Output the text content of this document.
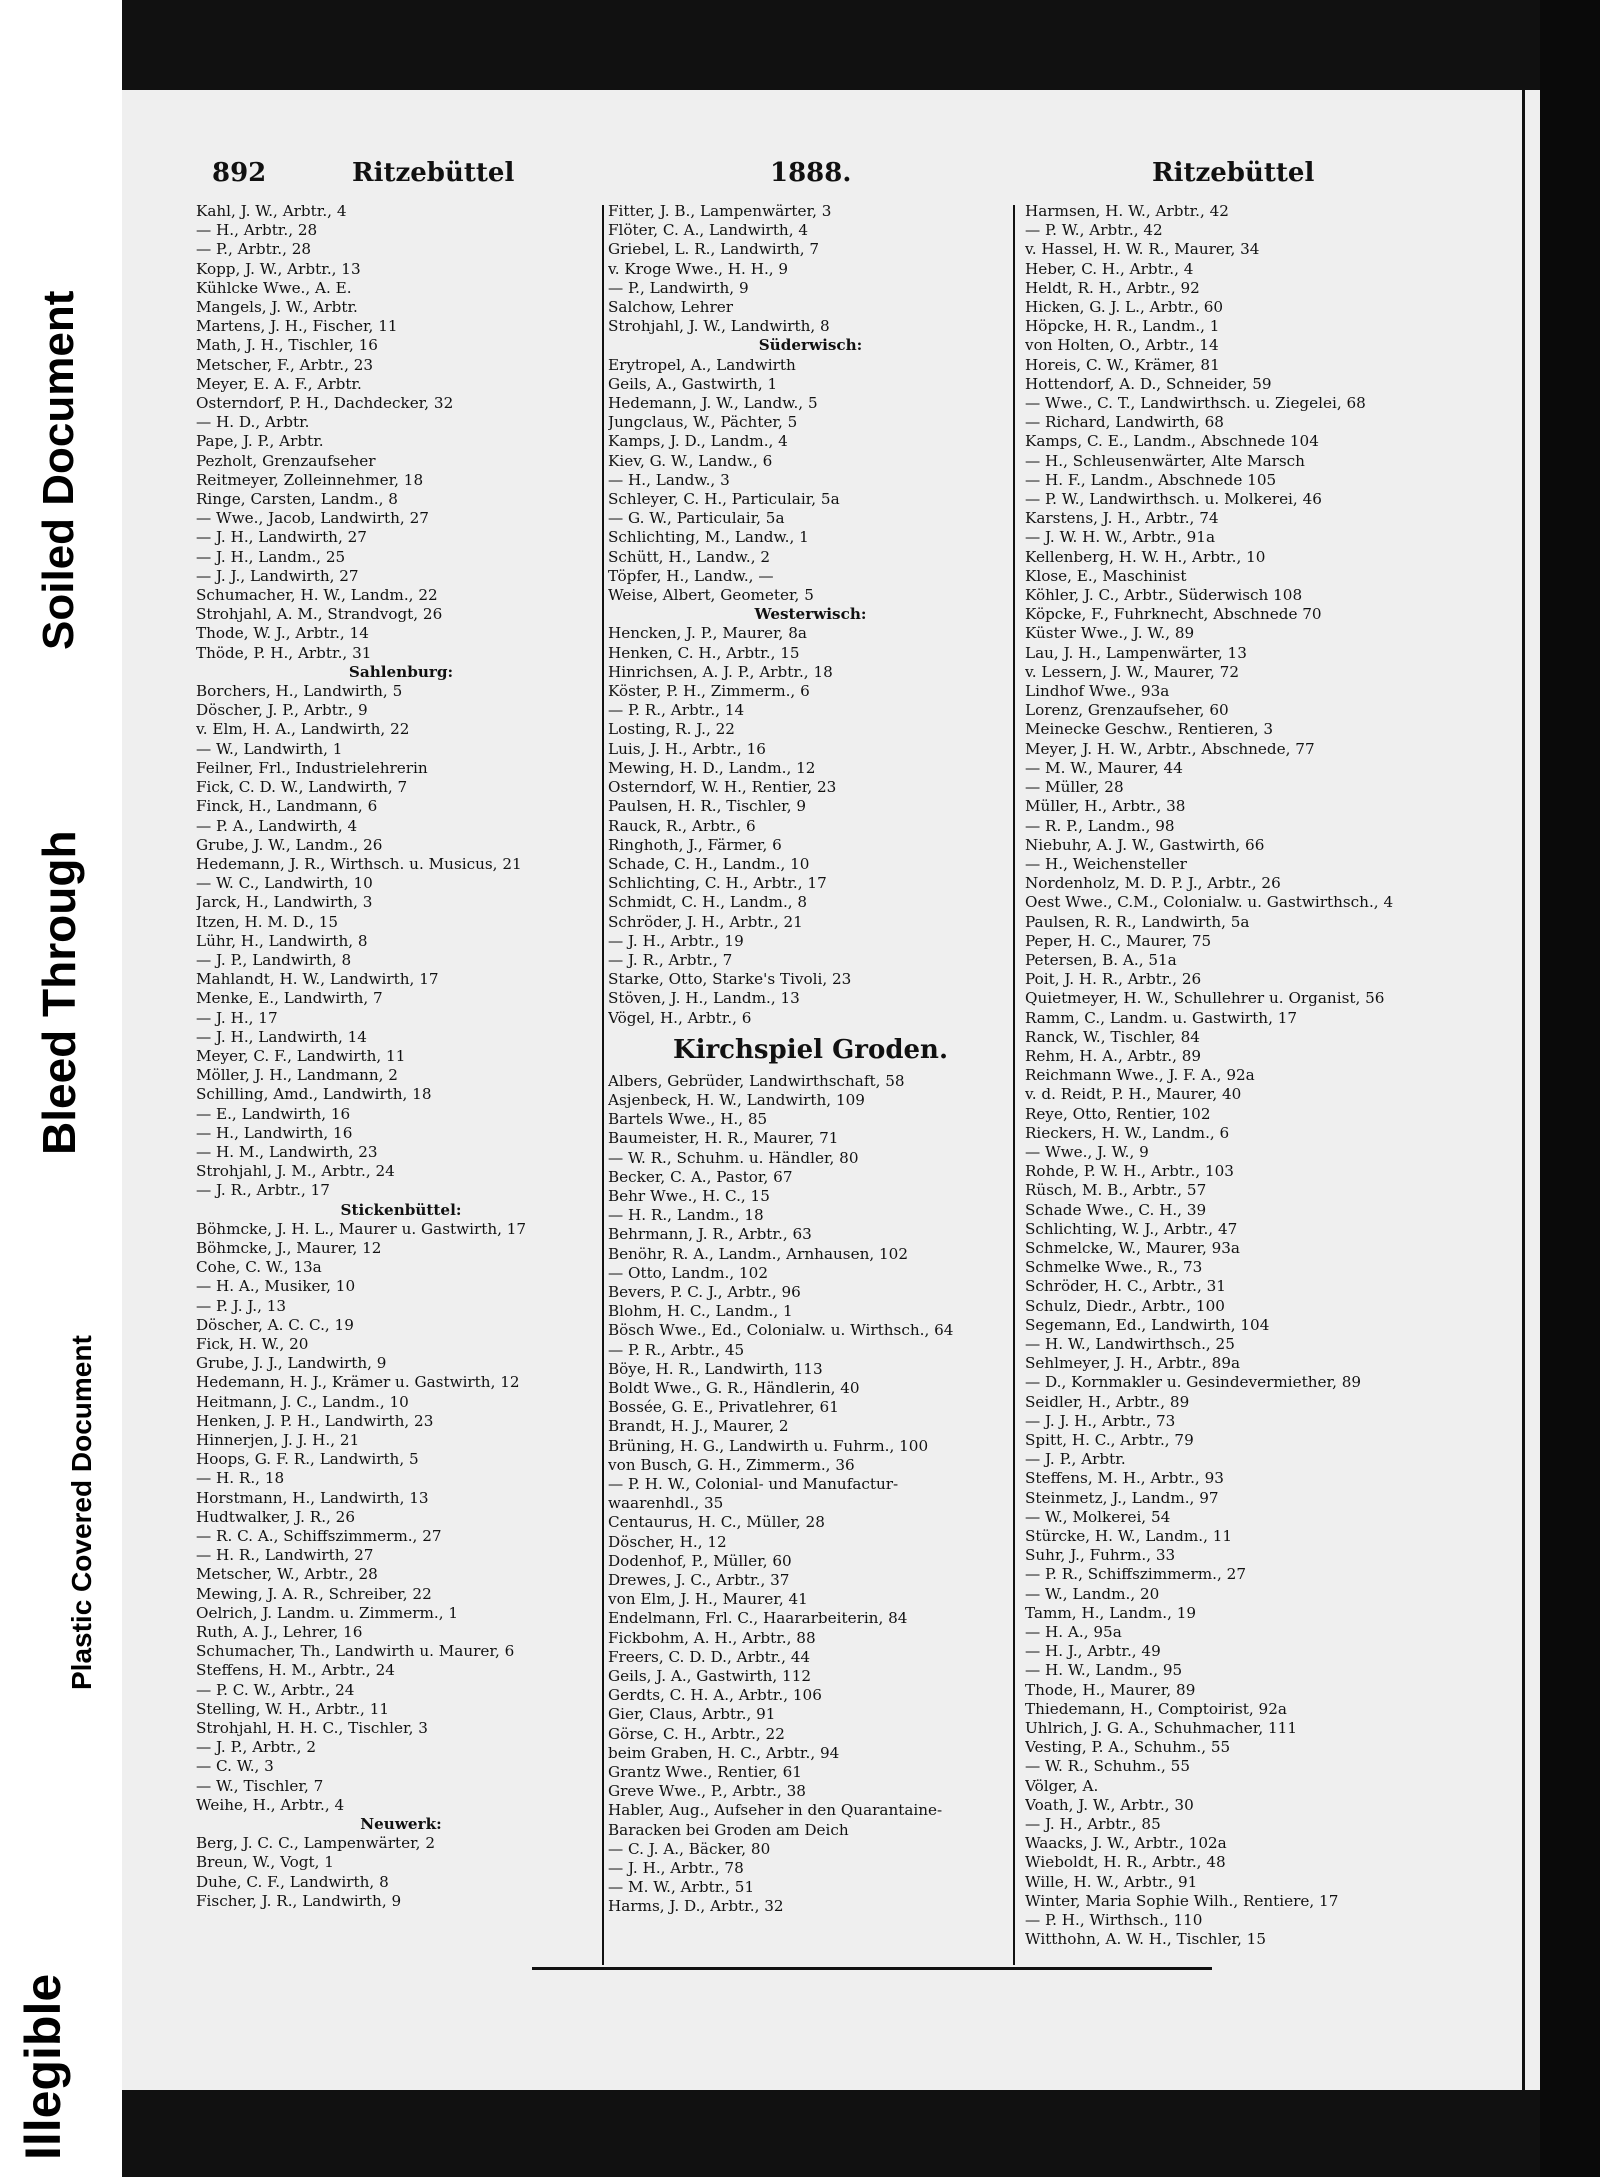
Illegible
Plastic Covered Document
Bleed Through
Soiled Document
892	Ritzebüttel	1888.	Ritzebüttel
Kahl, J. W., Arbtr., 4
— H., Arbtr., 28
— P., Arbtr., 28
Kopp, J. W., Arbtr., 13
Kühlcke Wwe., A. E.
Mangels, J. W., Arbtr.
Martens, J. H., Fischer, 11
Math, J. H., Tischler, 16
Metscher, F., Arbtr., 23
Meyer, E. A. F., Arbtr.
Osterndorf, P. H., Dachdecker, 32
— H. D., Arbtr.
Pape, J. P., Arbtr.
Pezholt, Grenzaufseher
Reitmeyer, Zolleinnehmer, 18
Ringe, Carsten, Landm., 8
— Wwe., Jacob, Landwirth, 27
— J. H., Landwirth, 27
— J. H., Landm., 25
— J. J., Landwirth, 27
Schumacher, H. W., Landm., 22
Strohjahl, A. M., Strandvogt, 26
Thode, W. J., Arbtr., 14
Thöde, P. H., Arbtr., 31
Sahlenburg:
Borchers, H., Landwirth, 5
Döscher, J. P., Arbtr., 9
v. Elm, H. A., Landwirth, 22
— W., Landwirth, 1
Feilner, Frl., Industrielehrerin
Fick, C. D. W., Landwirth, 7
Finck, H., Landmann, 6
— P. A., Landwirth, 4
Grube, J. W., Landm., 26
Hedemann, J. R., Wirthsch. u. Musicus, 21
— W. C., Landwirth, 10
Jarck, H., Landwirth, 3
Itzen, H. M. D., 15
Lühr, H., Landwirth, 8
— J. P., Landwirth, 8
Mahlandt, H. W., Landwirth, 17
Menke, E., Landwirth, 7
— J. H., 17
— J. H., Landwirth, 14
Meyer, C. F., Landwirth, 11
Möller, J. H., Landmann, 2
Schilling, Amd., Landwirth, 18
— E., Landwirth, 16
— H., Landwirth, 16
— H. M., Landwirth, 23
Strohjahl, J. M., Arbtr., 24
— J. R., Arbtr., 17
Stickenbüttel:
Böhmcke, J. H. L., Maurer u. Gastwirth, 17
Böhmcke, J., Maurer, 12
Cohe, C. W., 13a
— H. A., Musiker, 10
— P. J. J., 13
Döscher, A. C. C., 19
Fick, H. W., 20
Grube, J. J., Landwirth, 9
Hedemann, H. J., Krämer u. Gastwirth, 12
Heitmann, J. C., Landm., 10
Henken, J. P. H., Landwirth, 23
Hinnerjen, J. J. H., 21
Hoops, G. F. R., Landwirth, 5
— H. R., 18
Horstmann, H., Landwirth, 13
Hudtwalker, J. R., 26
— R. C. A., Schiffszimmerm., 27
— H. R., Landwirth, 27
Metscher, W., Arbtr., 28
Mewing, J. A. R., Schreiber, 22
Oelrich, J. Landm. u. Zimmerm., 1
Ruth, A. J., Lehrer, 16
Schumacher, Th., Landwirth u. Maurer, 6
Steffens, H. M., Arbtr., 24
— P. C. W., Arbtr., 24
Stelling, W. H., Arbtr., 11
Strohjahl, H. H. C., Tischler, 3
— J. P., Arbtr., 2
— C. W., 3
— W., Tischler, 7
Weihe, H., Arbtr., 4
Neuwerk:
Berg, J. C. C., Lampenwärter, 2
Breun, W., Vogt, 1
Duhe, C. F., Landwirth, 8
Fischer, J. R., Landwirth, 9
Fitter, J. B., Lampenwärter, 3
Flöter, C. A., Landwirth, 4
Griebel, L. R., Landwirth, 7
v. Kroge Wwe., H. H., 9
— P., Landwirth, 9
Salchow, Lehrer
Strohjahl, J. W., Landwirth, 8
Süderwisch:
Erytropel, A., Landwirth
Geils, A., Gastwirth, 1
Hedemann, J. W., Landw., 5
Jungclaus, W., Pächter, 5
Kamps, J. D., Landm., 4
Kiev, G. W., Landw., 6
— H., Landw., 3
Schleyer, C. H., Particulair, 5a
— G. W., Particulair, 5a
Schlichting, M., Landw., 1
Schütt, H., Landw., 2
Töpfer, H., Landw., —
Weise, Albert, Geometer, 5
Westerwisch:
Hencken, J. P., Maurer, 8a
Henken, C. H., Arbtr., 15
Hinrichsen, A. J. P., Arbtr., 18
Köster, P. H., Zimmerm., 6
— P. R., Arbtr., 14
Losting, R. J., 22
Luis, J. H., Arbtr., 16
Mewing, H. D., Landm., 12
Osterndorf, W. H., Rentier, 23
Paulsen, H. R., Tischler, 9
Rauck, R., Arbtr., 6
Ringhoth, J., Färmer, 6
Schade, C. H., Landm., 10
Schlichting, C. H., Arbtr., 17
Schmidt, C. H., Landm., 8
Schröder, J. H., Arbtr., 21
— J. H., Arbtr., 19
— J. R., Arbtr., 7
Starke, Otto, Starke's Tivoli, 23
Stöven, J. H., Landm., 13
Vögel, H., Arbtr., 6
Kirchspiel Groden.
Albers, Gebrüder, Landwirthschaft, 58
Asjenbeck, H. W., Landwirth, 109
Bartels Wwe., H., 85
Baumeister, H. R., Maurer, 71
— W. R., Schuhm. u. Händler, 80
Becker, C. A., Pastor, 67
Behr Wwe., H. C., 15
— H. R., Landm., 18
Behrmann, J. R., Arbtr., 63
Benöhr, R. A., Landm., Arnhausen, 102
— Otto, Landm., 102
Bevers, P. C. J., Arbtr., 96
Blohm, H. C., Landm., 1
Bösch Wwe., Ed., Colonialw. u. Wirthsch., 64
— P. R., Arbtr., 45
Böye, H. R., Landwirth, 113
Boldt Wwe., G. R., Händlerin, 40
Bossée, G. E., Privatlehrer, 61
Brandt, H. J., Maurer, 2
Brüning, H. G., Landwirth u. Fuhrm., 100
von Busch, G. H., Zimmerm., 36
— P. H. W., Colonial- und Manufactur-
waarenhdl., 35
Centaurus, H. C., Müller, 28
Döscher, H., 12
Dodenhof, P., Müller, 60
Drewes, J. C., Arbtr., 37
von Elm, J. H., Maurer, 41
Endelmann, Frl. C., Haararbeiterin, 84
Fickbohm, A. H., Arbtr., 88
Freers, C. D. D., Arbtr., 44
Geils, J. A., Gastwirth, 112
Gerdts, C. H. A., Arbtr., 106
Gier, Claus, Arbtr., 91
Görse, C. H., Arbtr., 22
beim Graben, H. C., Arbtr., 94
Grantz Wwe., Rentier, 61
Greve Wwe., P., Arbtr., 38
Habler, Aug., Aufseher in den Quarantaine-
Baracken bei Groden am Deich
— C. J. A., Bäcker, 80
— J. H., Arbtr., 78
— M. W., Arbtr., 51
Harms, J. D., Arbtr., 32
Harmsen, H. W., Arbtr., 42
— P. W., Arbtr., 42
v. Hassel, H. W. R., Maurer, 34
Heber, C. H., Arbtr., 4
Heldt, R. H., Arbtr., 92
Hicken, G. J. L., Arbtr., 60
Höpcke, H. R., Landm., 1
von Holten, O., Arbtr., 14
Horeis, C. W., Krämer, 81
Hottendorf, A. D., Schneider, 59
— Wwe., C. T., Landwirthsch. u. Ziegelei, 68
— Richard, Landwirth, 68
Kamps, C. E., Landm., Abschnede 104
— H., Schleusenwärter, Alte Marsch
— H. F., Landm., Abschnede 105
— P. W., Landwirthsch. u. Molkerei, 46
Karstens, J. H., Arbtr., 74
— J. W. H. W., Arbtr., 91a
Kellenberg, H. W. H., Arbtr., 10
Klose, E., Maschinist
Köhler, J. C., Arbtr., Süderwisch 108
Köpcke, F., Fuhrknecht, Abschnede 70
Küster Wwe., J. W., 89
Lau, J. H., Lampenwärter, 13
v. Lessern, J. W., Maurer, 72
Lindhof Wwe., 93a
Lorenz, Grenzaufseher, 60
Meinecke Geschw., Rentieren, 3
Meyer, J. H. W., Arbtr., Abschnede, 77
— M. W., Maurer, 44
— Müller, 28
Müller, H., Arbtr., 38
— R. P., Landm., 98
Niebuhr, A. J. W., Gastwirth, 66
— H., Weichensteller
Nordenholz, M. D. P. J., Arbtr., 26
Oest Wwe., C.M., Colonialw. u. Gastwirthsch., 4
Paulsen, R. R., Landwirth, 5a
Peper, H. C., Maurer, 75
Petersen, B. A., 51a
Poit, J. H. R., Arbtr., 26
Quietmeyer, H. W., Schullehrer u. Organist, 56
Ramm, C., Landm. u. Gastwirth, 17
Ranck, W., Tischler, 84
Rehm, H. A., Arbtr., 89
Reichmann Wwe., J. F. A., 92a
v. d. Reidt, P. H., Maurer, 40
Reye, Otto, Rentier, 102
Rieckers, H. W., Landm., 6
— Wwe., J. W., 9
Rohde, P. W. H., Arbtr., 103
Rüsch, M. B., Arbtr., 57
Schade Wwe., C. H., 39
Schlichting, W. J., Arbtr., 47
Schmelcke, W., Maurer, 93a
Schmelke Wwe., R., 73
Schröder, H. C., Arbtr., 31
Schulz, Diedr., Arbtr., 100
Segemann, Ed., Landwirth, 104
— H. W., Landwirthsch., 25
Sehlmeyer, J. H., Arbtr., 89a
— D., Kornmakler u. Gesindevermiether, 89
Seidler, H., Arbtr., 89
— J. J. H., Arbtr., 73
Spitt, H. C., Arbtr., 79
— J. P., Arbtr.
Steffens, M. H., Arbtr., 93
Steinmetz, J., Landm., 97
— W., Molkerei, 54
Stürcke, H. W., Landm., 11
Suhr, J., Fuhrm., 33
— P. R., Schiffszimmerm., 27
— W., Landm., 20
Tamm, H., Landm., 19
— H. A., 95a
— H. J., Arbtr., 49
— H. W., Landm., 95
Thode, H., Maurer, 89
Thiedemann, H., Comptoirist, 92a
Uhlrich, J. G. A., Schuhmacher, 111
Vesting, P. A., Schuhm., 55
— W. R., Schuhm., 55
Völger, A.
Voath, J. W., Arbtr., 30
— J. H., Arbtr., 85
Waacks, J. W., Arbtr., 102a
Wieboldt, H. R., Arbtr., 48
Wille, H. W., Arbtr., 91
Winter, Maria Sophie Wilh., Rentiere, 17
— P. H., Wirthsch., 110
Witthohn, A. W. H., Tischler, 15
